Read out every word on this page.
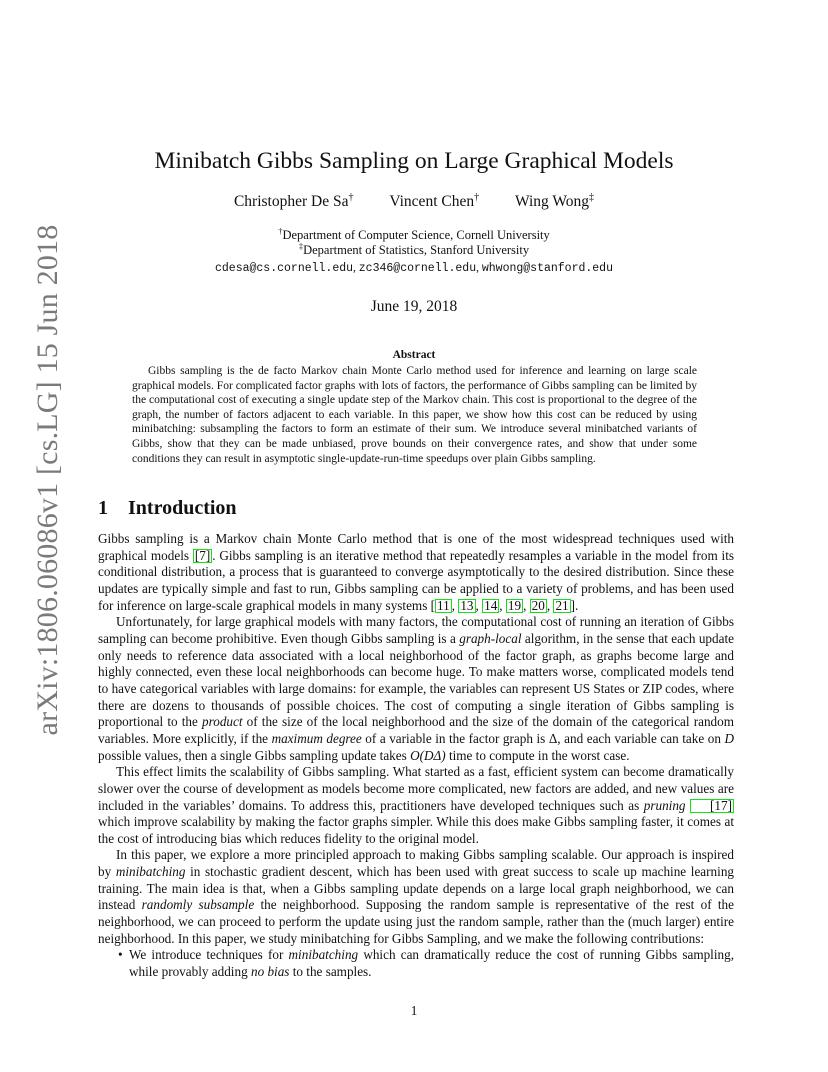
arXiv:1806.06086v1 [cs.LG] 15 Jun 2018
Minibatch Gibbs Sampling on Large Graphical Models
Christopher De Sa† Vincent Chen† Wing Wong‡
†Department of Computer Science, Cornell University
‡Department of Statistics, Stanford University
cdesa@cs.cornell.edu, zc346@cornell.edu, whwong@stanford.edu
June 19, 2018
Abstract

Gibbs sampling is the de facto Markov chain Monte Carlo method used for inference and learning on large scale graphical models. For complicated factor graphs with lots of factors, the performance of Gibbs sampling can be limited by the computational cost of executing a single update step of the Markov chain. This cost is proportional to the degree of the graph, the number of factors adjacent to each variable. In this paper, we show how this cost can be reduced by using minibatching: subsampling the factors to form an estimate of their sum. We introduce several minibatched variants of Gibbs, show that they can be made unbiased, prove bounds on their convergence rates, and show that under some conditions they can result in asymptotic single-update-run-time speedups over plain Gibbs sampling.

1 Introduction

Gibbs sampling is a Markov chain Monte Carlo method that is one of the most widespread techniques used with graphical models [7] . Gibbs sampling is an iterative method that repeatedly resamples a variable in the model from its conditional distribution, a process that is guaranteed to converge asymptotically to the desired distribution. Since these updates are typically simple and fast to run, Gibbs sampling can be applied to a variety of problems, and has been used for inference on large-scale graphical models in many systems [ 11 , 13 , 14 , 19 , 20 , 21 ].

Unfortunately, for large graphical models with many factors, the computational cost of running an iteration of Gibbs sampling can become prohibitive. Even though Gibbs sampling is a graph-local algorithm, in the sense that each update only needs to reference data associated with a local neighborhood of the factor graph, as graphs become large and highly connected, even these local neighborhoods can become huge. To make matters worse, complicated models tend to have categorical variables with large domains: for example, the variables can represent US States or ZIP codes, where there are dozens to thousands of possible choices. The cost of computing a single iteration of Gibbs sampling is proportional to the product of the size of the local neighborhood and the size of the domain of the categorical random variables. More explicitly, if the maximum degree of a variable in the factor graph is Δ, and each variable can take on D possible values, then a single Gibbs sampling update takes O(DΔ) time to compute in the worst case.

This effect limits the scalability of Gibbs sampling. What started as a fast, efficient system can become dramatically slower over the course of development as models become more complicated, new factors are added, and new values are included in the variables’ domains. To address this, practitioners have developed techniques such as pruning [17] which improve scalability by making the factor graphs simpler. While this does make Gibbs sampling faster, it comes at the cost of introducing bias which reduces fidelity to the original model.

In this paper, we explore a more principled approach to making Gibbs sampling scalable. Our approach is inspired by minibatching in stochastic gradient descent, which has been used with great success to scale up machine learning training. The main idea is that, when a Gibbs sampling update depends on a large local graph neighborhood, we can instead randomly subsample the neighborhood. Supposing the random sample is representative of the rest of the neighborhood, we can proceed to perform the update using just the random sample, rather than the (much larger) entire neighborhood. In this paper, we study minibatching for Gibbs Sampling, and we make the following contributions:

• We introduce techniques for minibatching which can dramatically reduce the cost of running Gibbs sampling, while provably adding no bias to the samples.
1
